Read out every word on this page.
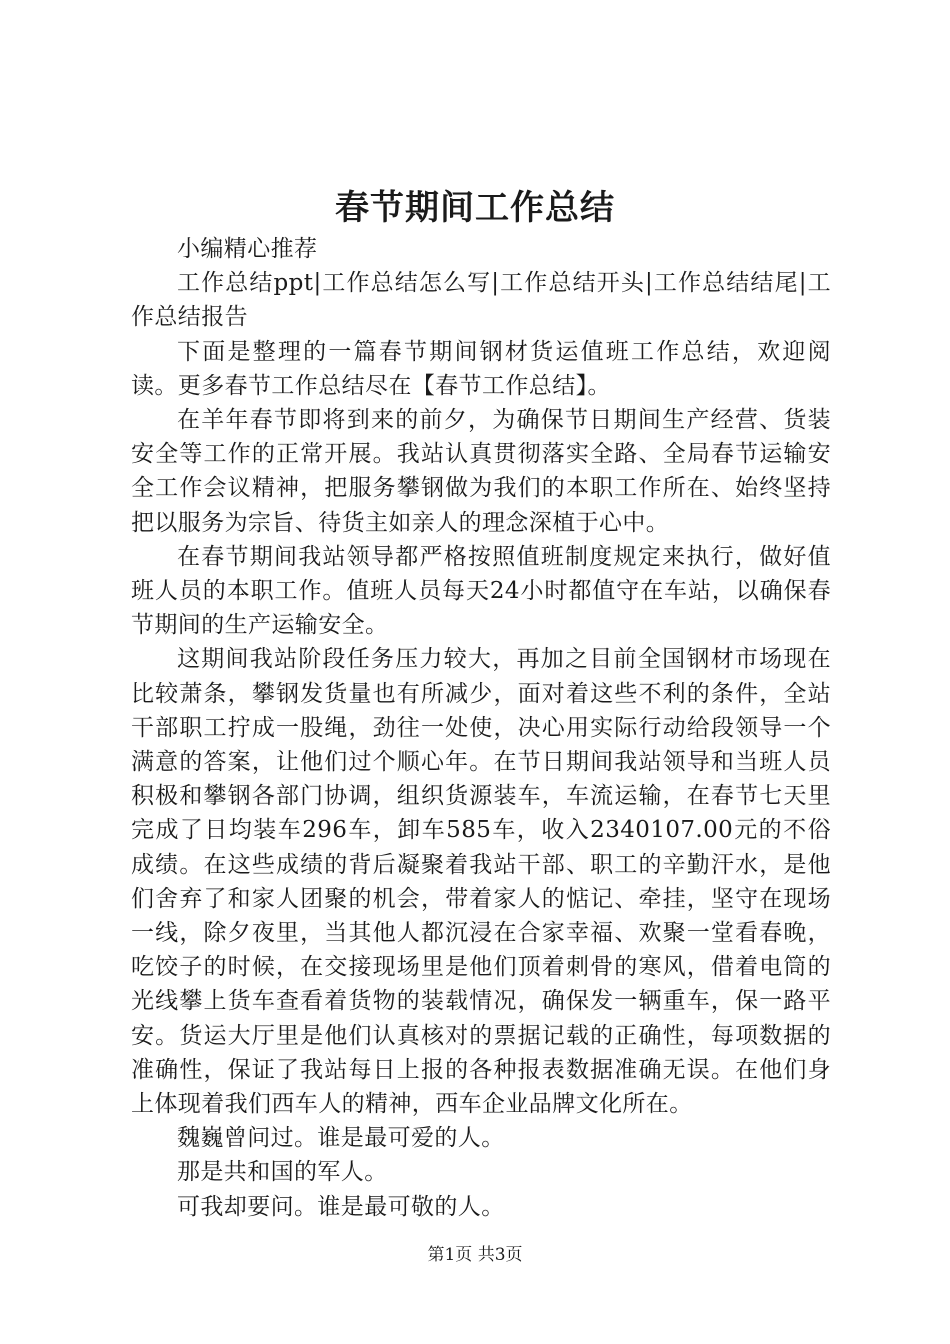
春节期间工作总结

小编精心推荐

工作总结ppt|工作总结怎么写|工作总结开头|工作总结结尾|工作总结报告

下面是整理的一篇春节期间钢材货运值班工作总结，欢迎阅读。更多春节工作总结尽在【春节工作总结】。

在羊年春节即将到来的前夕，为确保节日期间生产经营、货装安全等工作的正常开展。我站认真贯彻落实全路、全局春节运输安全工作会议精神，把服务攀钢做为我们的本职工作所在、始终坚持把以服务为宗旨、待货主如亲人的理念深植于心中。

在春节期间我站领导都严格按照值班制度规定来执行，做好值班人员的本职工作。值班人员每天24小时都值守在车站，以确保春节期间的生产运输安全。

这期间我站阶段任务压力较大，再加之目前全国钢材市场现在比较萧条，攀钢发货量也有所减少，面对着这些不利的条件，全站干部职工拧成一股绳，劲往一处使，决心用实际行动给段领导一个满意的答案，让他们过个顺心年。在节日期间我站领导和当班人员积极和攀钢各部门协调，组织货源装车，车流运输，在春节七天里完成了日均装车296车，卸车585车，收入2340107.00元的不俗成绩。在这些成绩的背后凝聚着我站干部、职工的辛勤汗水，是他们舍弃了和家人团聚的机会，带着家人的惦记、牵挂，坚守在现场一线，除夕夜里，当其他人都沉浸在合家幸福、欢聚一堂看春晚，吃饺子的时候，在交接现场里是他们顶着刺骨的寒风，借着电筒的光线攀上货车查看着货物的装载情况，确保发一辆重车，保一路平安。货运大厅里是他们认真核对的票据记载的正确性，每项数据的准确性，保证了我站每日上报的各种报表数据准确无误。在他们身上体现着我们西车人的精神，西车企业品牌文化所在。

魏巍曾问过。谁是最可爱的人。

那是共和国的军人。

可我却要问。谁是最可敬的人。

第1页 共3页
